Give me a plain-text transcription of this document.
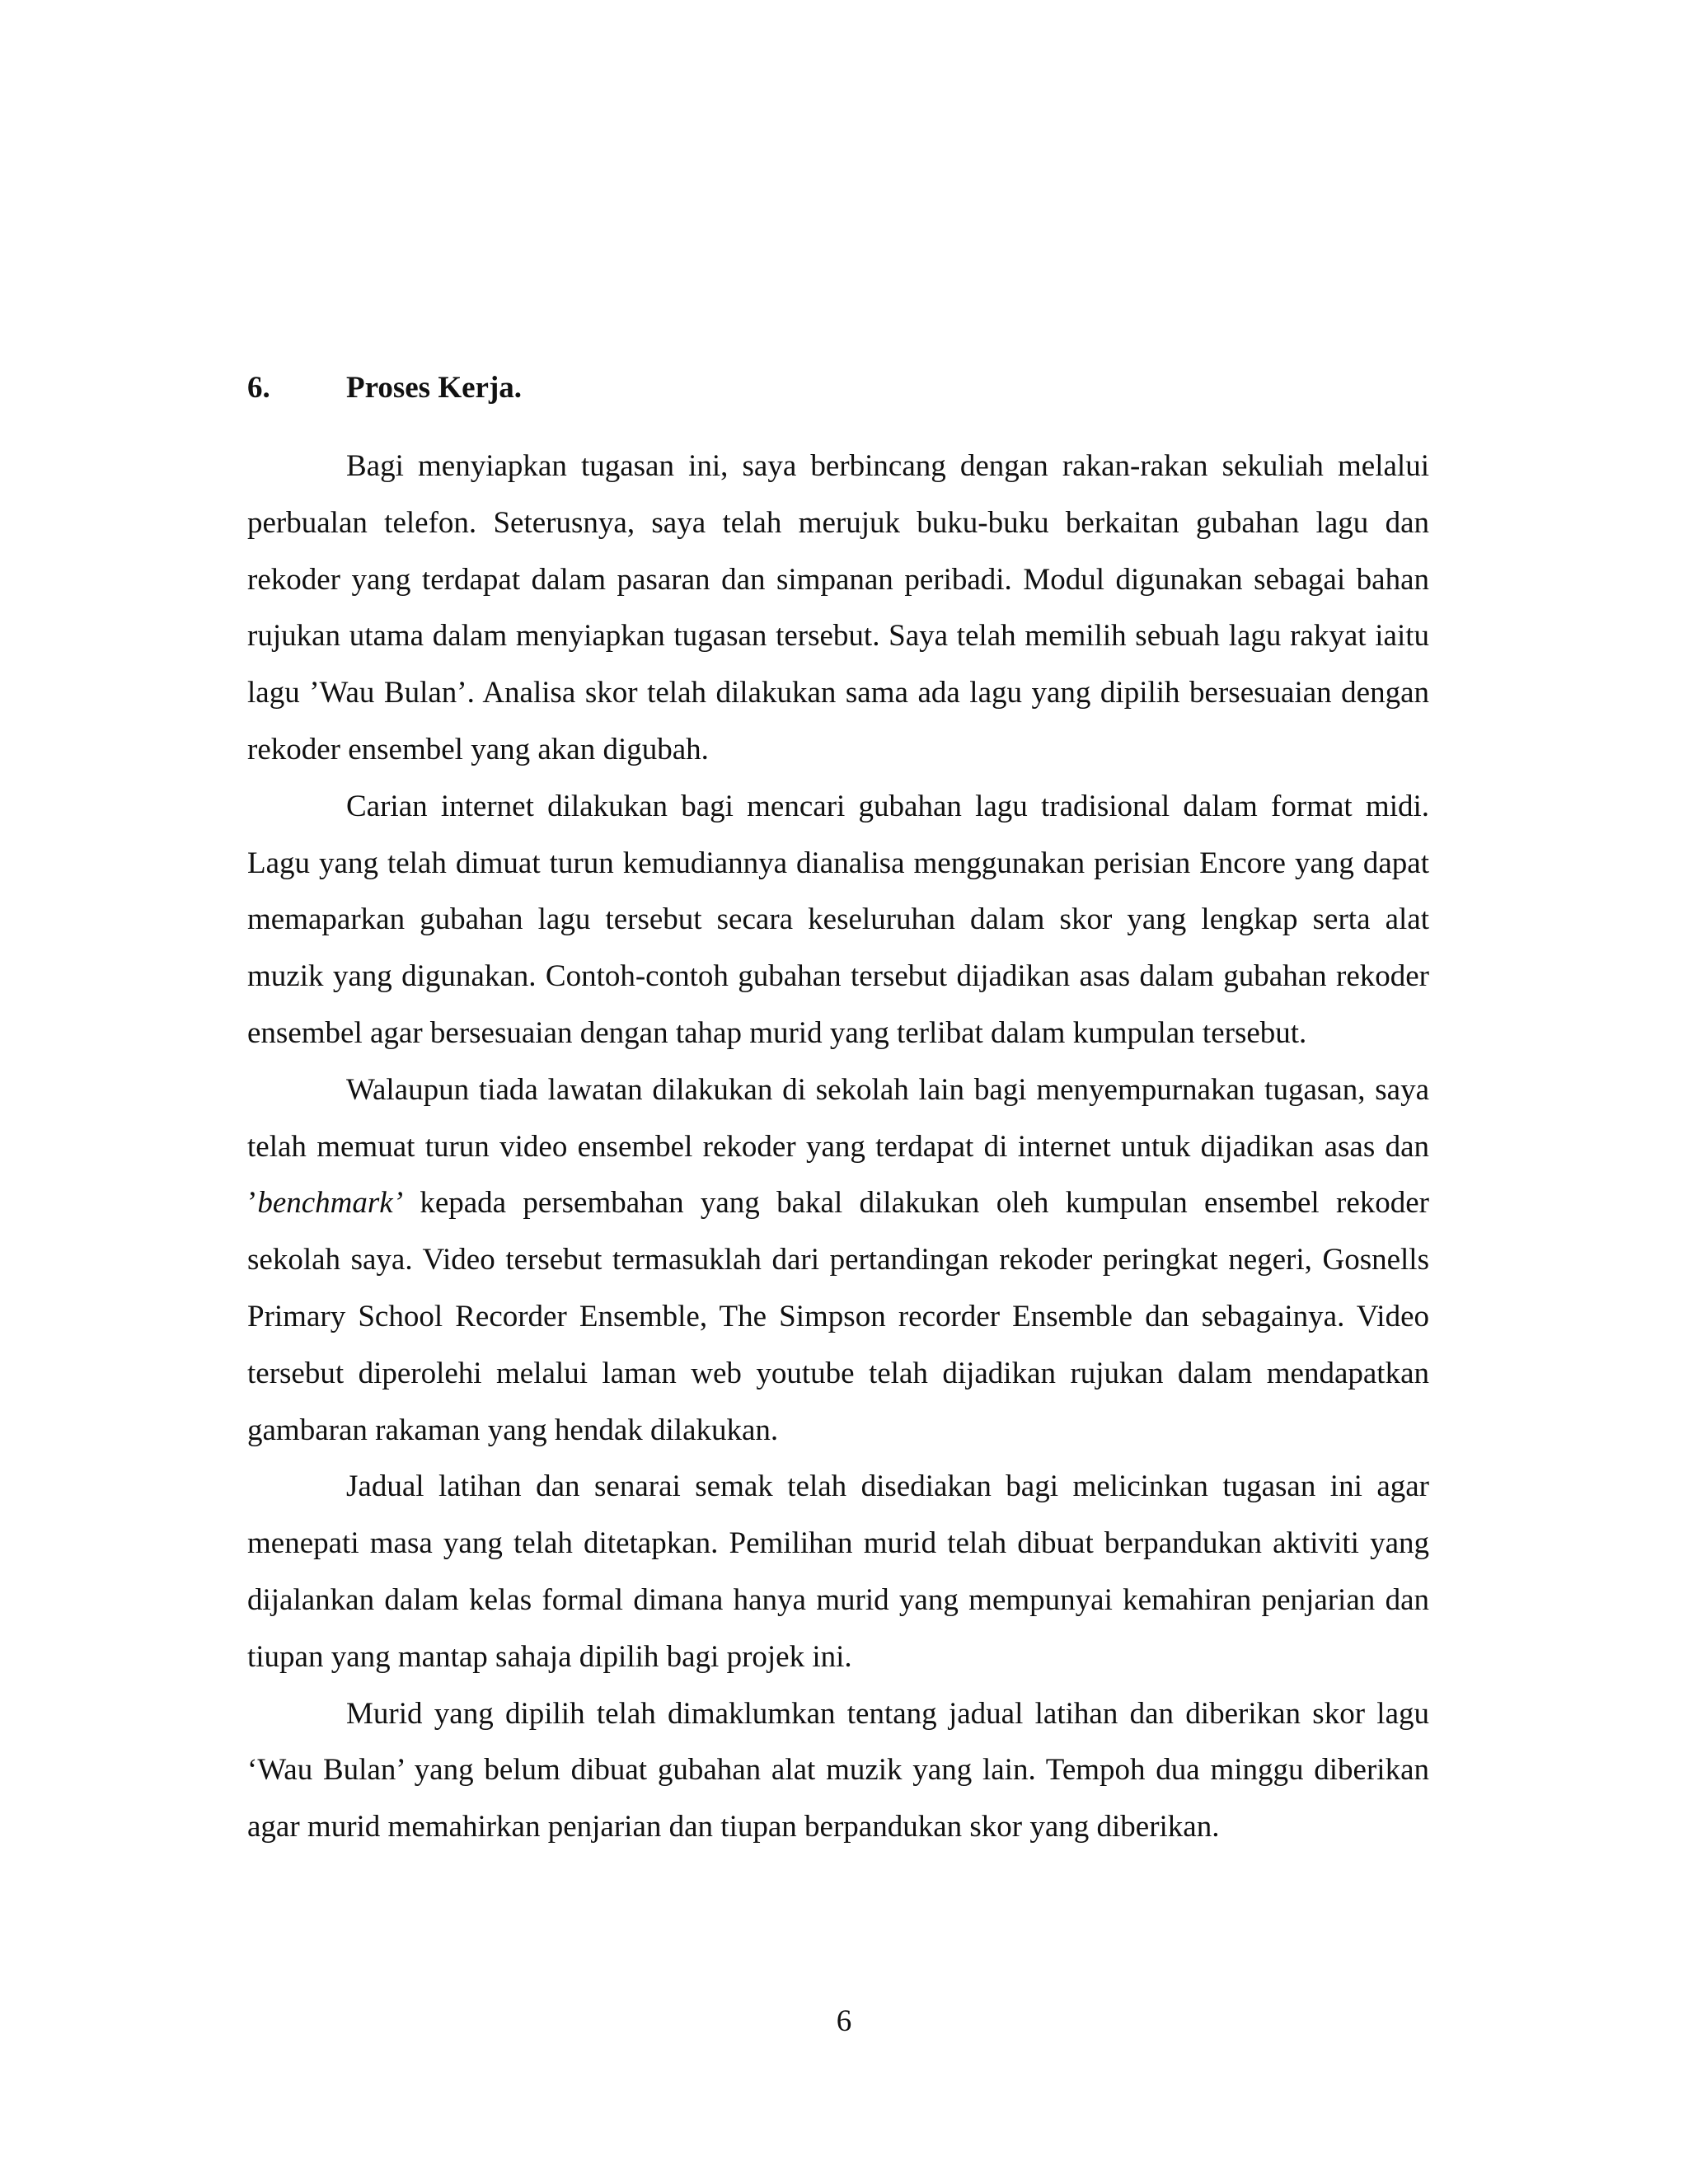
6. Proses Kerja.

Bagi menyiapkan tugasan ini, saya berbincang dengan rakan-rakan sekuliah melalui perbualan telefon. Seterusnya, saya telah merujuk buku-buku berkaitan gubahan lagu dan rekoder yang terdapat dalam pasaran dan simpanan peribadi. Modul digunakan sebagai bahan rujukan utama dalam menyiapkan tugasan tersebut. Saya telah memilih sebuah lagu rakyat iaitu lagu ’Wau Bulan’. Analisa skor telah dilakukan sama ada lagu yang dipilih bersesuaian dengan rekoder ensembel yang akan digubah.

Carian internet dilakukan bagi mencari gubahan lagu tradisional dalam format midi. Lagu yang telah dimuat turun kemudiannya dianalisa menggunakan perisian Encore yang dapat memaparkan gubahan lagu tersebut secara keseluruhan dalam skor yang lengkap serta alat muzik yang digunakan. Contoh-contoh gubahan tersebut dijadikan asas dalam gubahan rekoder ensembel agar bersesuaian dengan tahap murid yang terlibat dalam kumpulan tersebut.

Walaupun tiada lawatan dilakukan di sekolah lain bagi menyempurnakan tugasan, saya telah memuat turun video ensembel rekoder yang terdapat di internet untuk dijadikan asas dan ’benchmark’ kepada persembahan yang bakal dilakukan oleh kumpulan ensembel rekoder sekolah saya. Video tersebut termasuklah dari pertandingan rekoder peringkat negeri, Gosnells Primary School Recorder Ensemble, The Simpson recorder Ensemble dan sebagainya. Video tersebut diperolehi melalui laman web youtube telah dijadikan rujukan dalam mendapatkan gambaran rakaman yang hendak dilakukan.

Jadual latihan dan senarai semak telah disediakan bagi melicinkan tugasan ini agar menepati masa yang telah ditetapkan. Pemilihan murid telah dibuat berpandukan aktiviti yang dijalankan dalam kelas formal dimana hanya murid yang mempunyai kemahiran penjarian dan tiupan yang mantap sahaja dipilih bagi projek ini.

Murid yang dipilih telah dimaklumkan tentang jadual latihan dan diberikan skor lagu ‘Wau Bulan’ yang belum dibuat gubahan alat muzik yang lain. Tempoh dua minggu diberikan agar murid memahirkan penjarian dan tiupan berpandukan skor yang diberikan.

6
